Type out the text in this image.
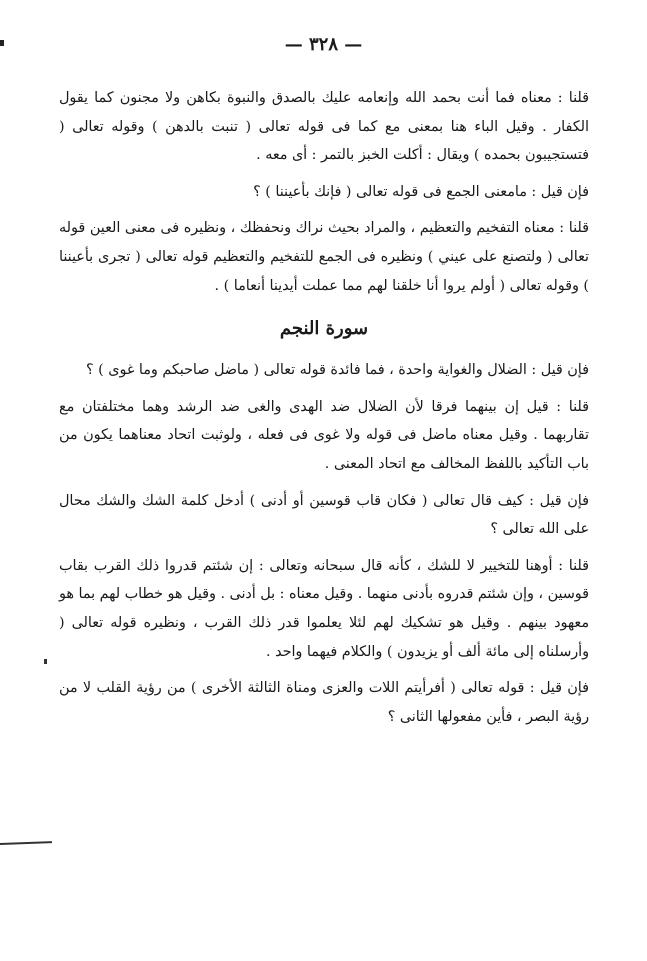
— ٣٢٨ —

قلنا : معناه فما أنت بحمد الله وإنعامه عليك بالصدق والنبوة بكاهن ولا مجنون كما يقول الكفار . وقيل الباء هنا بمعنى مع كما فى قوله تعالى ( تنبت بالدهن ) وقوله تعالى ( فتستجيبون بحمده ) ويقال : أكلت الخبز بالتمر : أى معه .

فإن قيل : مامعنى الجمع فى قوله تعالى ( فإنك بأعيننا ) ؟

قلنا : معناه التفخيم والتعظيم ، والمراد بحيث نراك ونحفظك ، ونظيره فى معنى العين قوله تعالى ( ولتصنع على عيني ) ونظيره فى الجمع للتفخيم والتعظيم قوله تعالى ( تجرى بأعيننا ) وقوله تعالى ( أولم يروا أنا خلقنا لهم مما عملت أيدينا أنعاما ) .

سورة النجم

فإن قيل : الضلال والغواية واحدة ، فما فائدة قوله تعالى ( ماضل صاحبكم وما غوى ) ؟

قلنا : قيل إن بينهما فرقا لأن الضلال ضد الهدى والغى ضد الرشد وهما مختلفتان مع تقاربهما . وقيل معناه ماضل فى قوله ولا غوى فى فعله ، ولوثبت اتحاد معناهما يكون من باب التأكيد باللفظ المخالف مع اتحاد المعنى .

فإن قيل : كيف قال تعالى ( فكان قاب قوسين أو أدنى ) أدخل كلمة الشك والشك محال على الله تعالى ؟

قلنا : أوهنا للتخيير لا للشك ، كأنه قال سبحانه وتعالى : إن شئتم قدروا ذلك القرب بقاب قوسين ، وإن شئتم قدروه بأدنى منهما . وقيل معناه : بل أدنى . وقيل هو خطاب لهم بما هو معهود بينهم . وقيل هو تشكيك لهم لئلا يعلموا قدر ذلك القرب ، ونظيره قوله تعالى ( وأرسلناه إلى مائة ألف أو يزيدون ) والكلام فيهما واحد .

فإن قيل : قوله تعالى ( أفرأيتم اللات والعزى ومناة الثالثة الأخرى ) من رؤية القلب لا من رؤية البصر ، فأين مفعولها الثانى ؟
